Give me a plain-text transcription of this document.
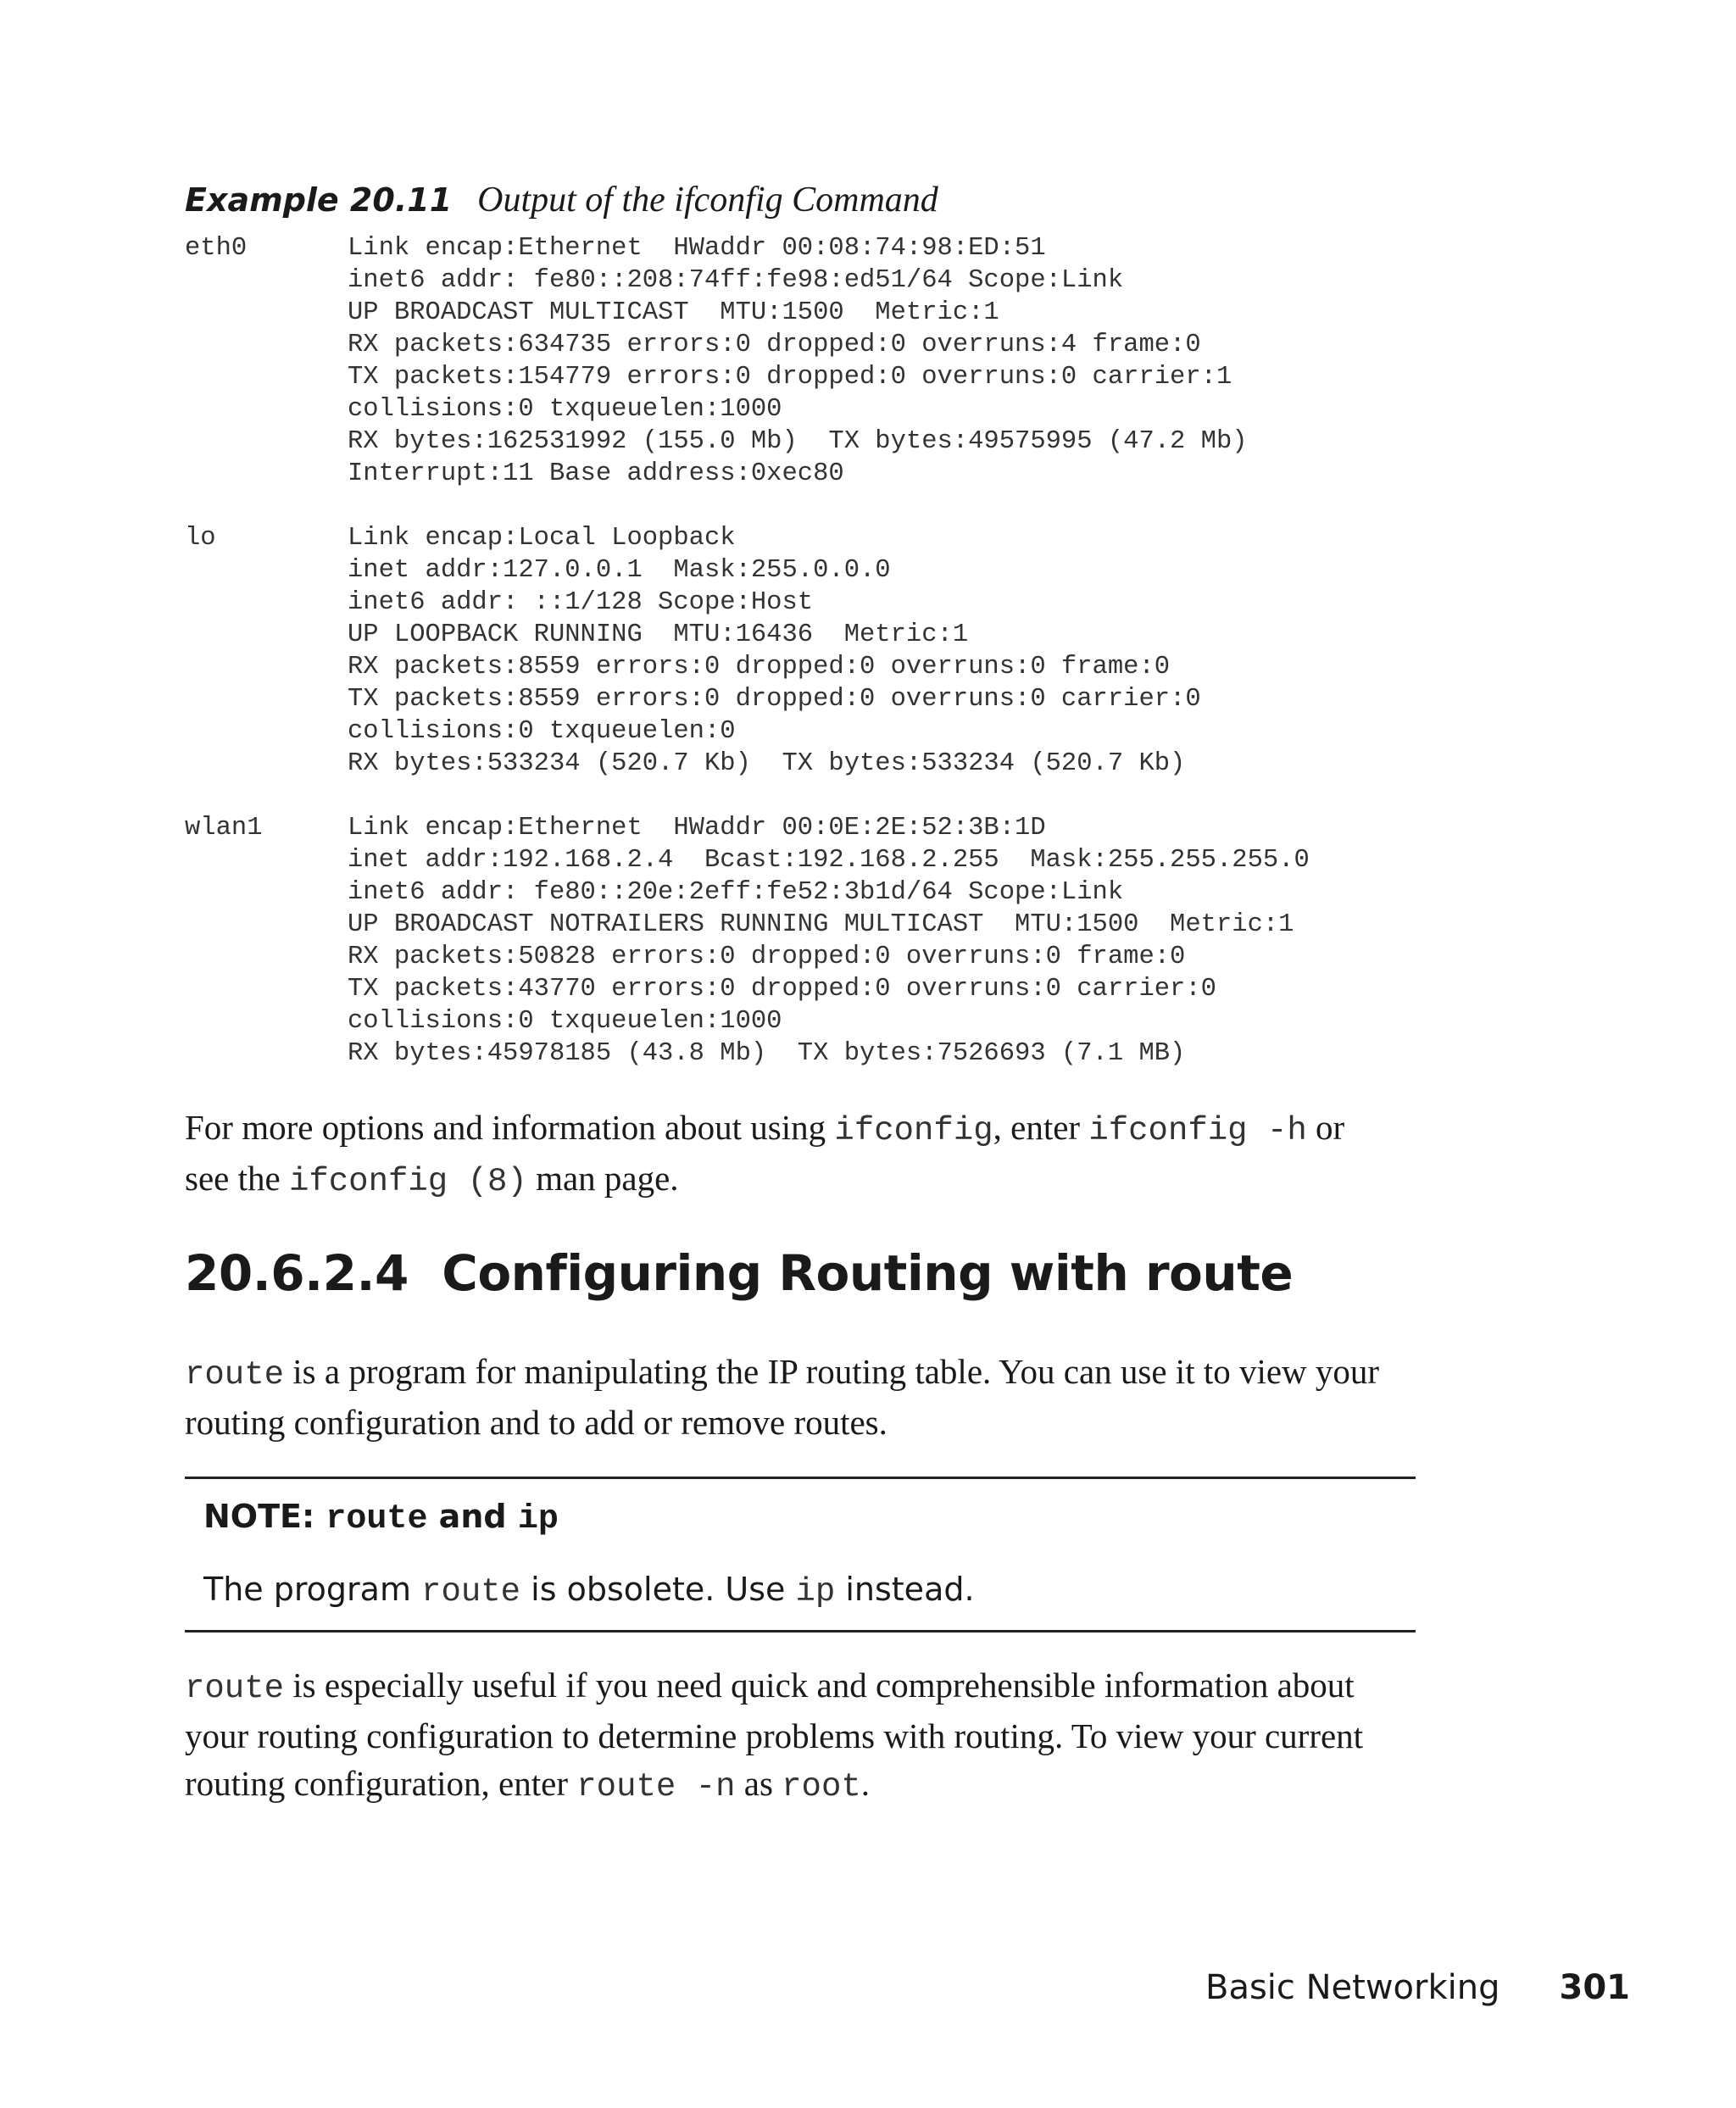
Example 20.11 Output of the ifconfig Command
eth0	Link encap:Ethernet  HWaddr 00:08:74:98:ED:51
inet6 addr: fe80::208:74ff:fe98:ed51/64 Scope:Link
UP BROADCAST MULTICAST  MTU:1500  Metric:1
RX packets:634735 errors:0 dropped:0 overruns:4 frame:0
TX packets:154779 errors:0 dropped:0 overruns:0 carrier:1
collisions:0 txqueuelen:1000
RX bytes:162531992 (155.0 Mb)  TX bytes:49575995 (47.2 Mb)
Interrupt:11 Base address:0xec80
lo	Link encap:Local Loopback
inet addr:127.0.0.1  Mask:255.0.0.0
inet6 addr: ::1/128 Scope:Host
UP LOOPBACK RUNNING  MTU:16436  Metric:1
RX packets:8559 errors:0 dropped:0 overruns:0 frame:0
TX packets:8559 errors:0 dropped:0 overruns:0 carrier:0
collisions:0 txqueuelen:0
RX bytes:533234 (520.7 Kb)  TX bytes:533234 (520.7 Kb)
wlan1	Link encap:Ethernet  HWaddr 00:0E:2E:52:3B:1D
inet addr:192.168.2.4  Bcast:192.168.2.255  Mask:255.255.255.0
inet6 addr: fe80::20e:2eff:fe52:3b1d/64 Scope:Link
UP BROADCAST NOTRAILERS RUNNING MULTICAST  MTU:1500  Metric:1
RX packets:50828 errors:0 dropped:0 overruns:0 frame:0
TX packets:43770 errors:0 dropped:0 overruns:0 carrier:0
collisions:0 txqueuelen:1000
RX bytes:45978185 (43.8 Mb)  TX bytes:7526693 (7.1 MB)
For more options and information about using ifconfig, enter ifconfig -h or
see the ifconfig (8) man page.
20.6.2.4  Configuring Routing with route
route is a program for manipulating the IP routing table. You can use it to view your
routing configuration and to add or remove routes.
NOTE: route and ip
The program route is obsolete. Use ip instead.
route is especially useful if you need quick and comprehensible information about
your routing configuration to determine problems with routing. To view your current
routing configuration, enter route -n as root.
Basic Networking 301
